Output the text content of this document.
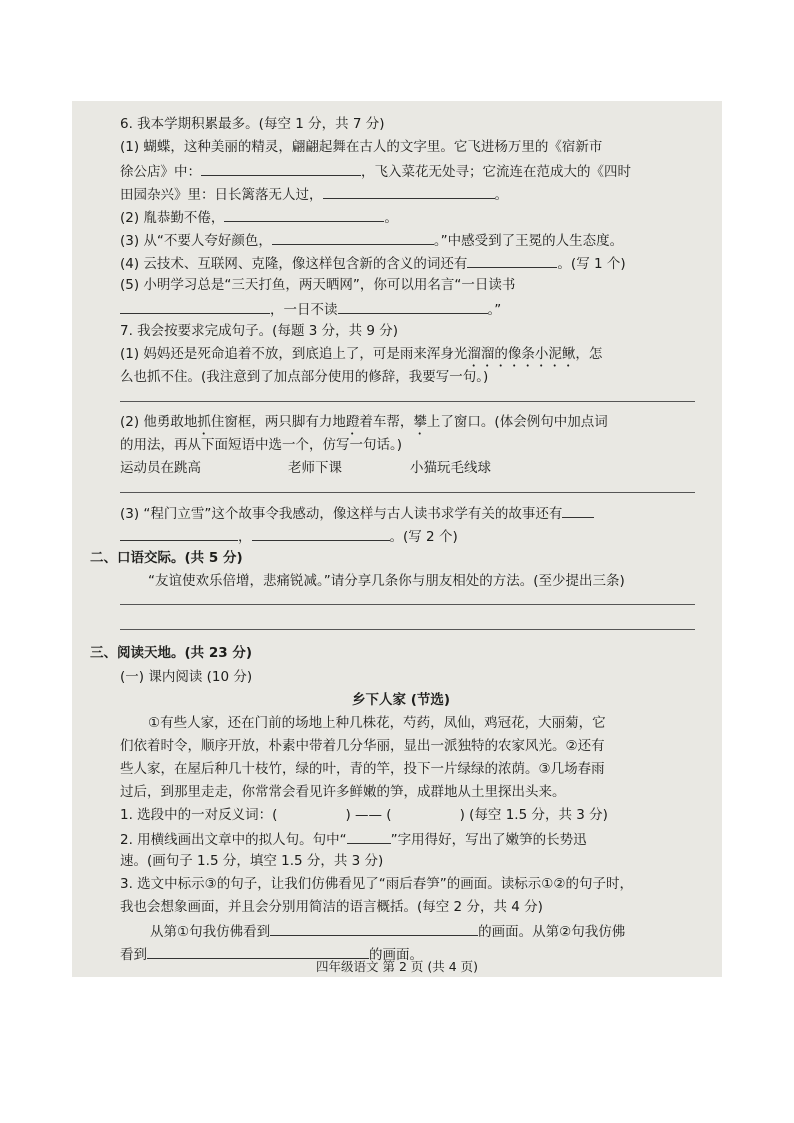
6. 我本学期积累最多。(每空 1 分，共 7 分)
(1) 蝴蝶，这种美丽的精灵，翩翩起舞在古人的文字里。它飞进杨万里的《宿新市
徐公店》中：	，飞入菜花无处寻；它流连在范成大的《四时
田园杂兴》里：日长篱落无人过，	。
(2) 胤恭勤不倦，	。
(3) 从“不要人夸好颜色，	。”中感受到了王冕的人生态度。
(4) 云技术、互联网、克隆，像这样包含新的含义的词还有	。(写 1 个)
(5) 小明学习总是“三天打鱼，两天晒网”，你可以用名言“一日读书
，一日不读	。”
7. 我会按要求完成句子。(每题 3 分，共 9 分)
(1) 妈妈还是死命追着不放，到底追上了，可是雨来浑身光溜溜的像条小泥鳅，怎
么也抓不住。(我注意到了加点部分使用的修辞，我要写一句。)
(2) 他勇敢地抓住窗框，两只脚有力地蹬着车帮，攀上了窗口。(体会例句中加点词
的用法，再从下面短语中选一个，仿写一句话。)
运动员在跳高	老师下课	小猫玩毛线球
(3) “程门立雪”这个故事令我感动，像这样与古人读书求学有关的故事还有
，	。(写 2 个)
二、口语交际。(共 5 分)
“友谊使欢乐倍增，悲痛锐减。”请分享几条你与朋友相处的方法。(至少提出三条)
三、阅读天地。(共 23 分)
(一) 课内阅读 (10 分)
乡下人家 (节选)
①有些人家，还在门前的场地上种几株花，芍药，凤仙，鸡冠花，大丽菊，它
们依着时令，顺序开放，朴素中带着几分华丽，显出一派独特的农家风光。②还有
些人家，在屋后种几十枝竹，绿的叶，青的竿，投下一片绿绿的浓荫。③几场春雨
过后，到那里走走，你常常会看见许多鲜嫩的笋，成群地从土里探出头来。
1. 选段中的一对反义词：(	) —— (	) (每空 1.5 分，共 3 分)
2. 用横线画出文章中的拟人句。句中“	”字用得好，写出了嫩笋的长势迅
速。(画句子 1.5 分，填空 1.5 分，共 3 分)
3. 选文中标示③的句子，让我们仿佛看见了“雨后春笋”的画面。读标示①②的句子时，
我也会想象画面，并且会分别用简洁的语言概括。(每空 2 分，共 4 分)
从第①句我仿佛看到	的画面。从第②句我仿佛
看到	的画面。
四年级语文 第 2 页 (共 4 页)
